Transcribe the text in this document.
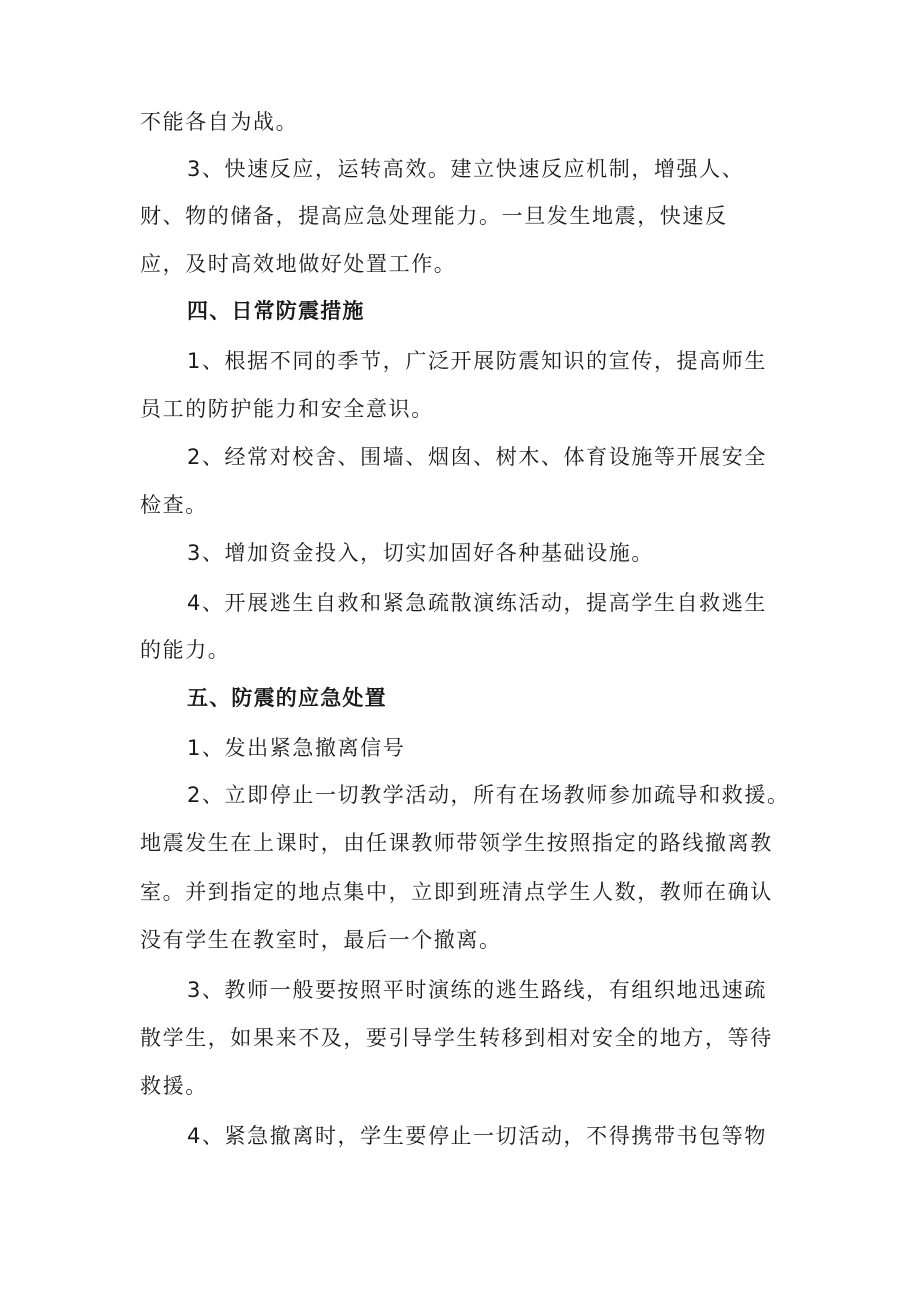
不能各自为战。
3、快速反应，运转高效。建立快速反应机制，增强人、
财、物的储备，提高应急处理能力。一旦发生地震，快速反
应，及时高效地做好处置工作。
四、日常防震措施
1、根据不同的季节，广泛开展防震知识的宣传，提高师生
员工的防护能力和安全意识。
2、经常对校舍、围墙、烟囱、树木、体育设施等开展安全
检查。
3、增加资金投入，切实加固好各种基础设施。
4、开展逃生自救和紧急疏散演练活动，提高学生自救逃生
的能力。
五、防震的应急处置
1、发出紧急撤离信号
2、立即停止一切教学活动，所有在场教师参加疏导和救援。
地震发生在上课时，由任课教师带领学生按照指定的路线撤离教
室。并到指定的地点集中，立即到班清点学生人数，教师在确认
没有学生在教室时，最后一个撤离。
3、教师一般要按照平时演练的逃生路线，有组织地迅速疏
散学生，如果来不及，要引导学生转移到相对安全的地方，等待
救援。
4、紧急撤离时，学生要停止一切活动，不得携带书包等物
